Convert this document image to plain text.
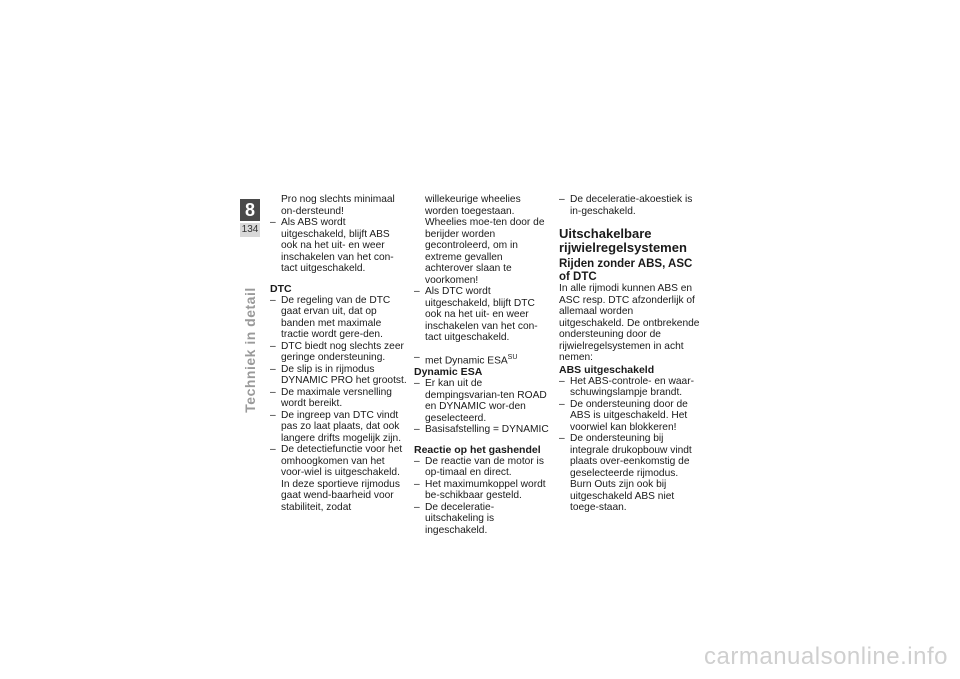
8
134
Techniek in detail
Pro nog slechts minimaal on-dersteund!
– Als ABS wordt uitgeschakeld, blijft ABS ook na het uit- en weer inschakelen van het con-tact uitgeschakeld.
DTC
– De regeling van de DTC gaat ervan uit, dat op banden met maximale tractie wordt gere-den.
– DTC biedt nog slechts zeer geringe ondersteuning.
– De slip is in rijmodus DYNAMIC PRO het grootst.
– De maximale versnelling wordt bereikt.
– De ingreep van DTC vindt pas zo laat plaats, dat ook langere drifts mogelijk zijn.
– De detectiefunctie voor het omhoogkomen van het voor-wiel is uitgeschakeld. In deze sportieve rijmodus gaat wend-baarheid voor stabiliteit, zodat
willekeurige wheelies worden toegestaan. Wheelies moe-ten door de berijder worden gecontroleerd, om in extreme gevallen achterover slaan te voorkomen!
– Als DTC wordt uitgeschakeld, blijft DTC ook na het uit- en weer inschakelen van het con-tact uitgeschakeld.
– met Dynamic $ESA^{SU}$
Dynamic ESA
– Er kan uit de dempingsvarian-ten ROAD en DYNAMIC wor-den geselecteerd.
– Basisafstelling = DYNAMIC
Reactie op het gashendel
– De reactie van de motor is op-timaal en direct.
– Het maximumkoppel wordt be-schikbaar gesteld.
– De deceleratie-uitschakeling is ingeschakeld.
– De deceleratie-akoestiek is in-geschakeld.
Uitschakelbare rijwielregelsystemen
Rijden zonder ABS, ASC of DTC

In alle rijmodi kunnen ABS en ASC resp. DTC afzonderlijk of allemaal worden uitgeschakeld. De ontbrekende ondersteuning door de rijwielregelsystemen in acht nemen:

ABS uitgeschakeld
– Het ABS-controle- en waar-schuwingslampje brandt.
– De ondersteuning door de ABS is uitgeschakeld. Het voorwiel kan blokkeren!
– De ondersteuning bij integrale drukopbouw vindt plaats over-eenkomstig de geselecteerde rijmodus. Burn Outs zijn ook bij uitgeschakeld ABS niet toege-staan.
carmanualsonline.info
